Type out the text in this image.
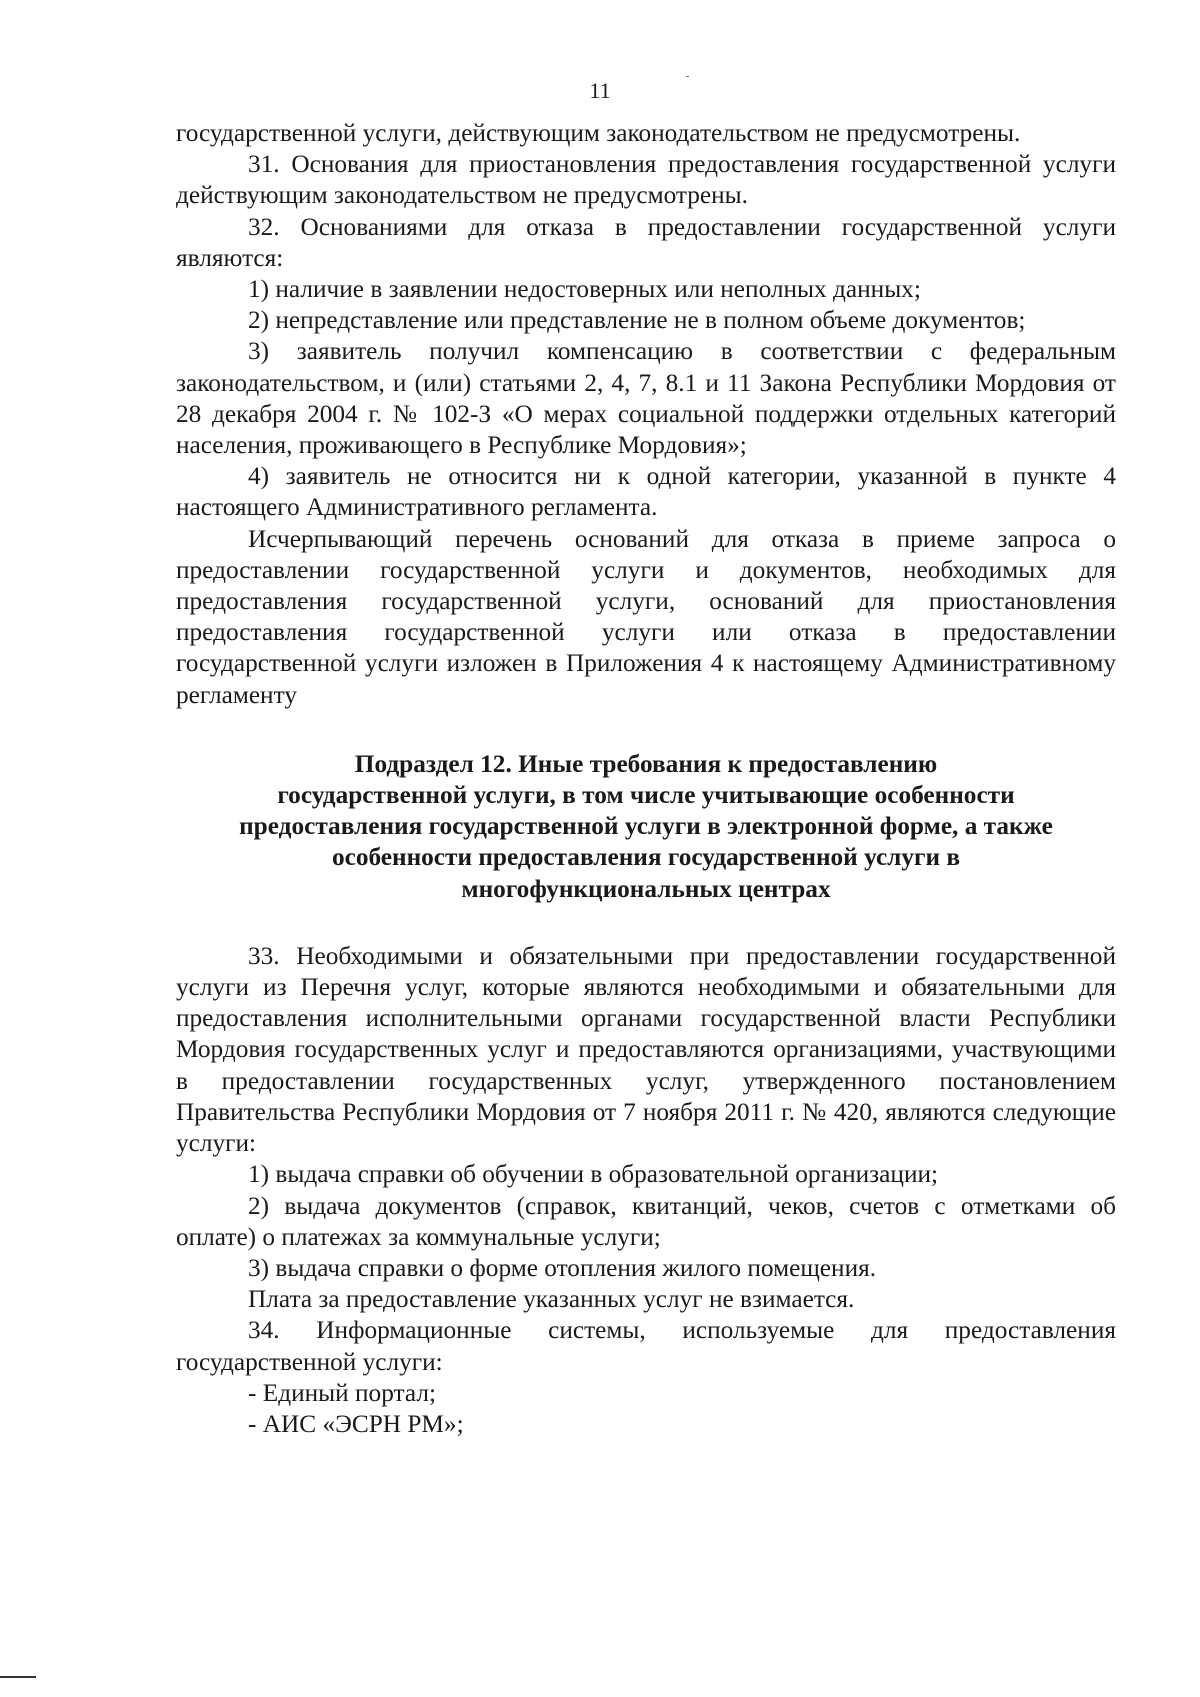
11

государственной услуги, действующим законодательством не предусмотрены.

31. Основания для приостановления предоставления государственной услуги действующим законодательством не предусмотрены.

32. Основаниями для отказа в предоставлении государственной услуги являются:

1) наличие в заявлении недостоверных или неполных данных;

2) непредставление или представление не в полном объеме документов;

3) заявитель получил компенсацию в соответствии с федеральным законодательством, и (или) статьями 2, 4, 7, 8.1 и 11 Закона Республики Мордовия от 28 декабря 2004 г. № 102-З «О мерах социальной поддержки отдельных категорий населения, проживающего в Республике Мордовия»;

4) заявитель не относится ни к одной категории, указанной в пункте 4 настоящего Административного регламента.

Исчерпывающий перечень оснований для отказа в приеме запроса о предоставлении государственной услуги и документов, необходимых для предоставления государственной услуги, оснований для приостановления предоставления государственной услуги или отказа в предоставлении государственной услуги изложен в Приложения 4 к настоящему Административному регламенту

Подраздел 12. Иные требования к предоставлению
государственной услуги, в том числе учитывающие особенности
предоставления государственной услуги в электронной форме, а также
особенности предоставления государственной услуги в
многофункциональных центрах

33. Необходимыми и обязательными при предоставлении государственной услуги из Перечня услуг, которые являются необходимыми и обязательными для предоставления исполнительными органами государственной власти Республики Мордовия государственных услуг и предоставляются организациями, участвующими в предоставлении государственных услуг, утвержденного постановлением Правительства Республики Мордовия от 7 ноября 2011 г. № 420, являются следующие услуги:

1) выдача справки об обучении в образовательной организации;

2) выдача документов (справок, квитанций, чеков, счетов с отметками об оплате) о платежах за коммунальные услуги;

3) выдача справки о форме отопления жилого помещения.

Плата за предоставление указанных услуг не взимается.

34. Информационные системы, используемые для предоставления государственной услуги:

- Единый портал;

- АИС «ЭСРН РМ»;
